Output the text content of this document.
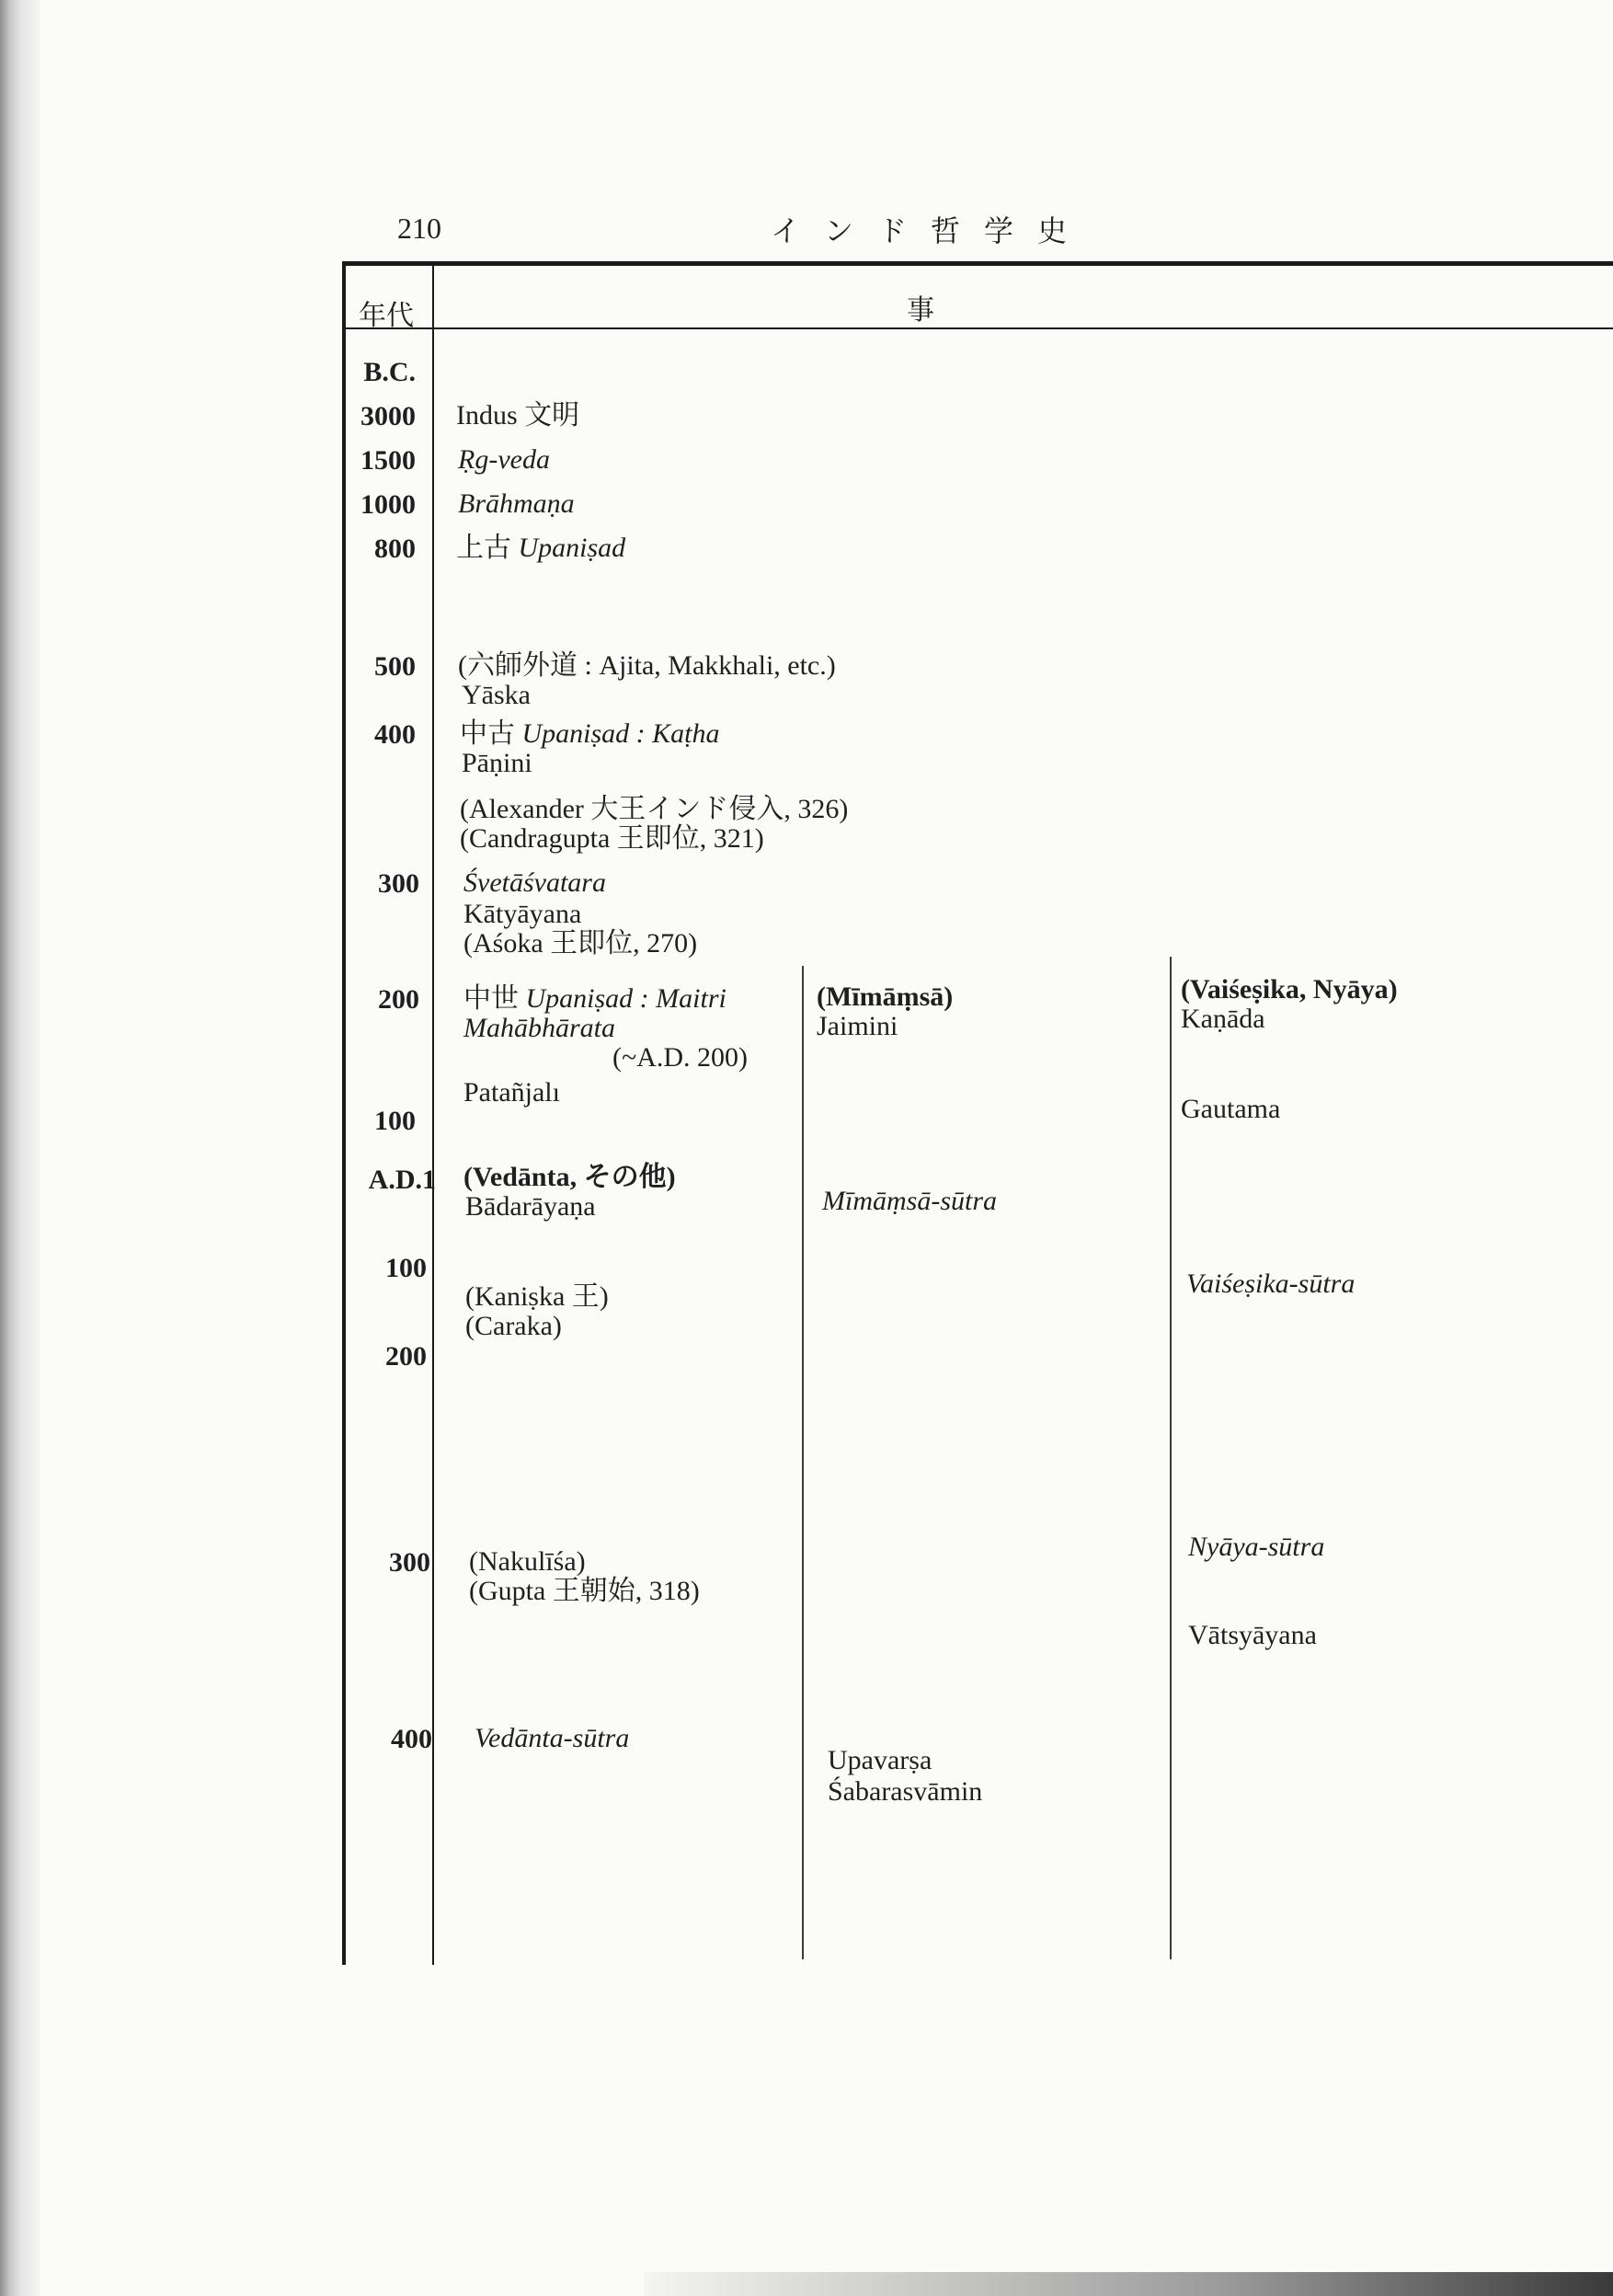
210	インド哲学史
年代	事
B.C.
3000
1500
1000
800
500
400
300
200
100
A.D.1
100
200
300
400
Indus 文明
Ṛg-veda
Brāhmaṇa
上古 Upaniṣad
(六師外道 : Ajita, Makkhali, etc.)
Yāska
中古 Upaniṣad : Kaṭha
Pāṇini
(Alexander 大王インド侵入, 326)
(Candragupta 王即位, 321)
Śvetāśvatara
Kātyāyana
(Aśoka 王即位, 270)
中世 Upaniṣad : Maitri
Mahābhārata
(~A.D. 200)
Patañjalı
(Vedānta, その他)
Bādarāyaṇa
(Kaniṣka 王)
(Caraka)
(Nakulīśa)
(Gupta 王朝始, 318)
Vedānta-sūtra
(Mīmāṃsā)
Jaimini
Mīmāṃsā-sūtra
Upavarṣa
Śabarasvāmin
(Vaiśeṣika, Nyāya)
Kaṇāda
Gautama
Vaiśeṣika-sūtra
Nyāya-sūtra
Vātsyāyana
